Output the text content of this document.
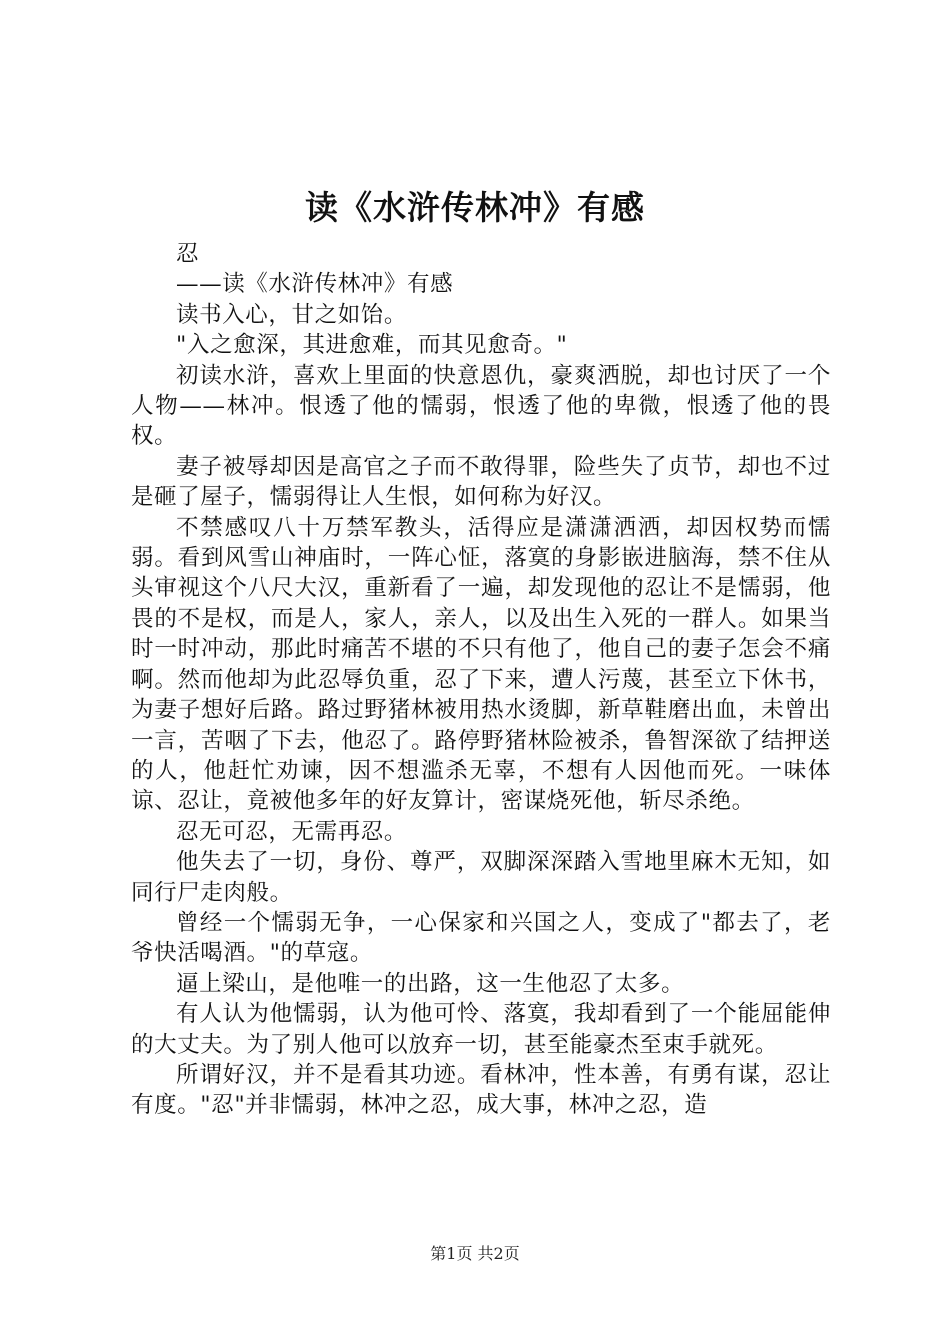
读《水浒传林冲》有感

忍

——读《水浒传林冲》有感

读书入心，甘之如饴。

"入之愈深，其进愈难，而其见愈奇。"

初读水浒，喜欢上里面的快意恩仇，豪爽洒脱，却也讨厌了一个人物——林冲。恨透了他的懦弱，恨透了他的卑微，恨透了他的畏权。

妻子被辱却因是高官之子而不敢得罪，险些失了贞节，却也不过是砸了屋子，懦弱得让人生恨，如何称为好汉。

不禁感叹八十万禁军教头，活得应是潇潇洒洒，却因权势而懦弱。看到风雪山神庙时，一阵心怔，落寞的身影嵌进脑海，禁不住从头审视这个八尺大汉，重新看了一遍，却发现他的忍让不是懦弱，他畏的不是权，而是人，家人，亲人，以及出生入死的一群人。如果当时一时冲动，那此时痛苦不堪的不只有他了，他自己的妻子怎会不痛啊。然而他却为此忍辱负重，忍了下来，遭人污蔑，甚至立下休书，为妻子想好后路。路过野猪林被用热水烫脚，新草鞋磨出血，未曾出一言，苦咽了下去，他忍了。路停野猪林险被杀，鲁智深欲了结押送的人，他赶忙劝谏，因不想滥杀无辜，不想有人因他而死。一味体谅、忍让，竟被他多年的好友算计，密谋烧死他，斩尽杀绝。

忍无可忍，无需再忍。

他失去了一切，身份、尊严，双脚深深踏入雪地里麻木无知，如同行尸走肉般。

曾经一个懦弱无争，一心保家和兴国之人，变成了"都去了，老爷快活喝酒。"的草寇。

逼上梁山，是他唯一的出路，这一生他忍了太多。

有人认为他懦弱，认为他可怜、落寞，我却看到了一个能屈能伸的大丈夫。为了别人他可以放弃一切，甚至能豪杰至束手就死。

所谓好汉，并不是看其功迹。看林冲，性本善，有勇有谋，忍让有度。"忍"并非懦弱，林冲之忍，成大事，林冲之忍，造

第1页 共2页
